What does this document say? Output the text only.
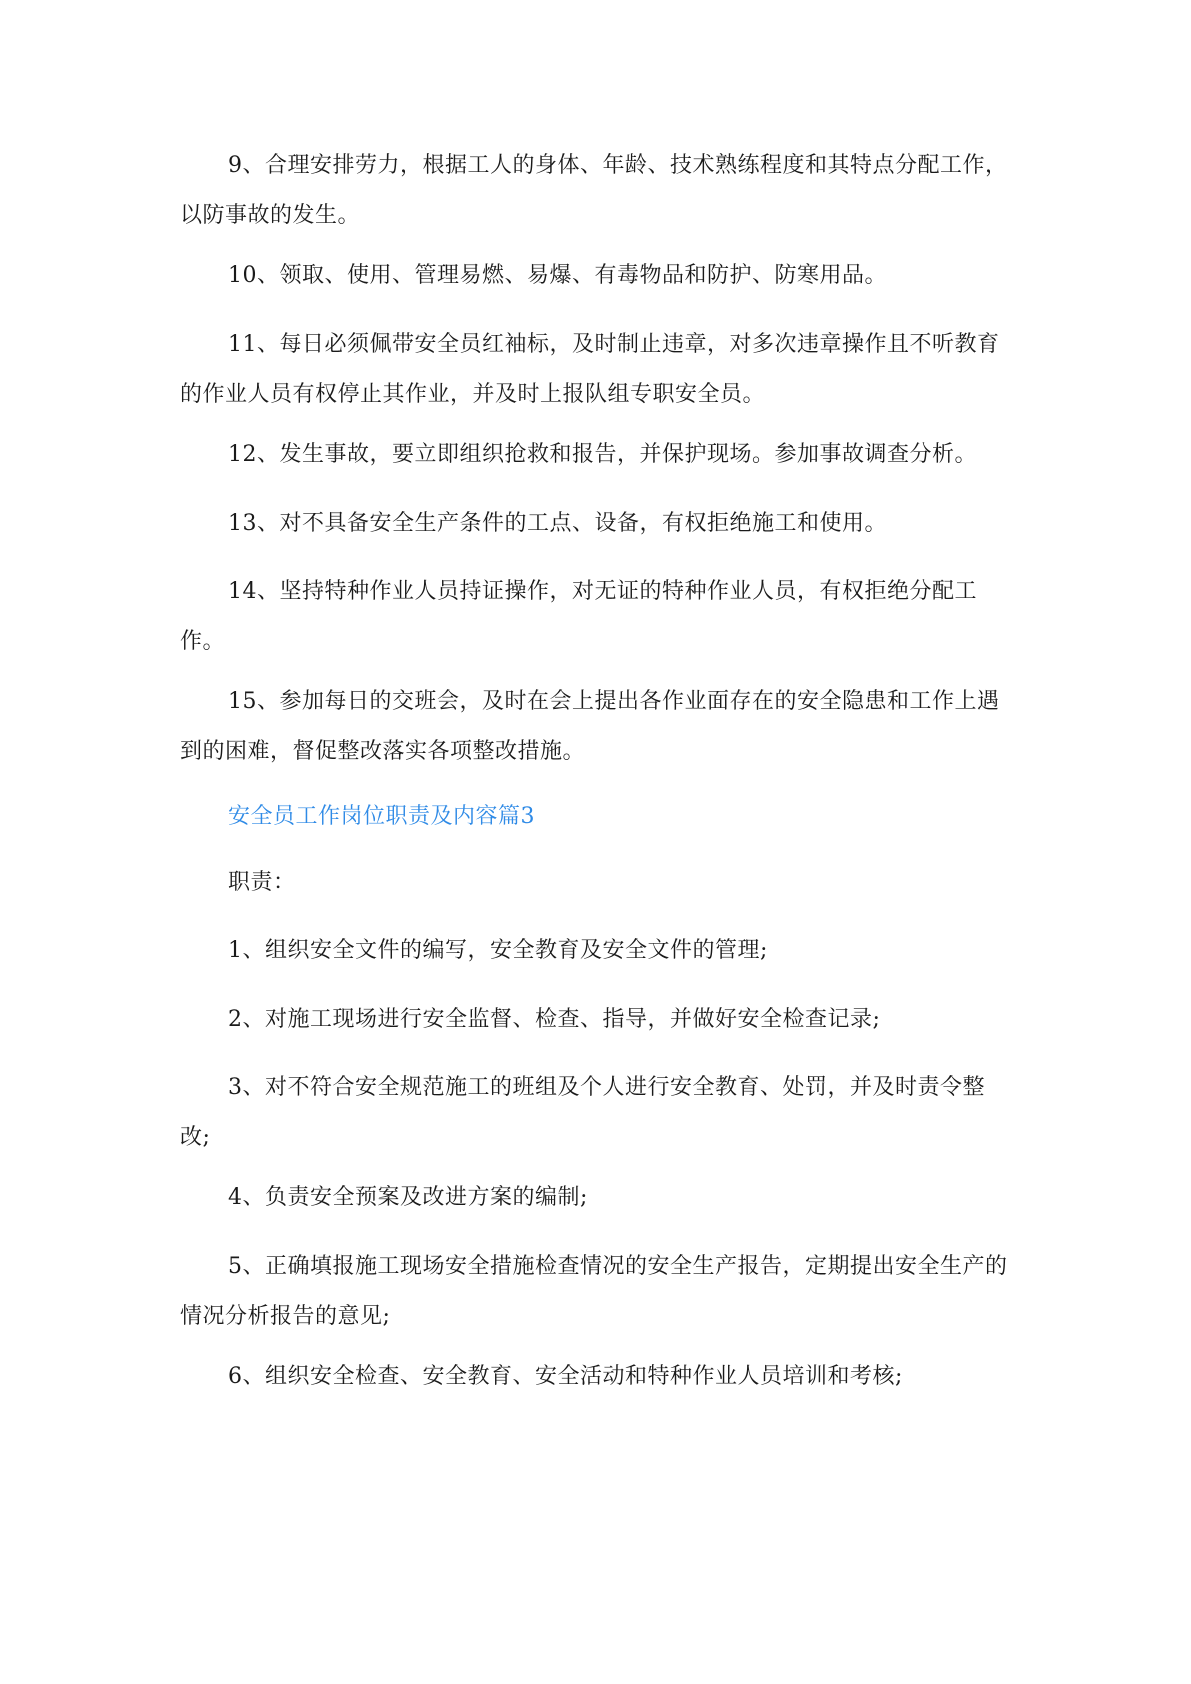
9、合理安排劳力，根据工人的身体、年龄、技术熟练程度和其特点分配工作，以防事故的发生。

10、领取、使用、管理易燃、易爆、有毒物品和防护、防寒用品。

11、每日必须佩带安全员红袖标，及时制止违章，对多次违章操作且不听教育的作业人员有权停止其作业，并及时上报队组专职安全员。

12、发生事故，要立即组织抢救和报告，并保护现场。参加事故调查分析。

13、对不具备安全生产条件的工点、设备，有权拒绝施工和使用。

14、坚持特种作业人员持证操作，对无证的特种作业人员，有权拒绝分配工作。

15、参加每日的交班会，及时在会上提出各作业面存在的安全隐患和工作上遇到的困难，督促整改落实各项整改措施。

安全员工作岗位职责及内容篇3

职责：

1、组织安全文件的编写，安全教育及安全文件的管理;

2、对施工现场进行安全监督、检查、指导，并做好安全检查记录;

3、对不符合安全规范施工的班组及个人进行安全教育、处罚，并及时责令整改;

4、负责安全预案及改进方案的编制;

5、正确填报施工现场安全措施检查情况的安全生产报告，定期提出安全生产的情况分析报告的意见;

6、组织安全检查、安全教育、安全活动和特种作业人员培训和考核;
